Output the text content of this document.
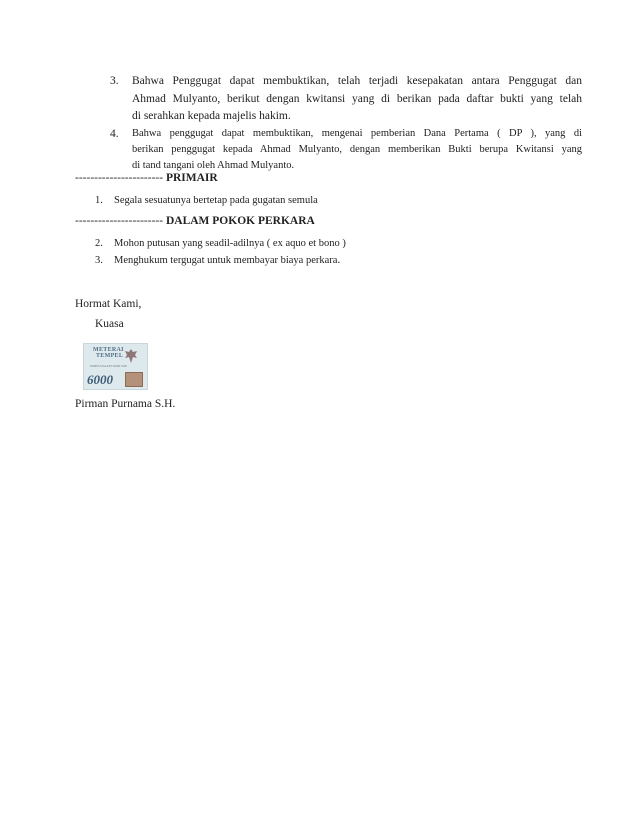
3. Bahwa Penggugat dapat membuktikan, telah terjadi kesepakatan antara Penggugat dan
Ahmad Mulyanto, berikut dengan kwitansi yang di berikan pada daftar bukti yang telah
di serahkan kepada majelis hakim.
4. Bahwa penggugat dapat membuktikan, mengenai pemberian Dana Pertama ( DP ), yang di
berikan penggugat kepada Ahmad Mulyanto, dengan memberikan Bukti berupa Kwitansi yang
di tand tangani oleh Ahmad Mulyanto.
----------------------- PRIMAIR
1. Segala sesuatunya bertetap pada gugatan semula
----------------------- DALAM POKOK PERKARA
2. Mohon putusan yang seadil-adilnya ( ex aquo et bono )
3. Menghukum tergugat untuk membayar biaya perkara.
Hormat Kami,
Kuasa
METERAI
TEMPEL
DDEEA0AAF0 6000 DJP
6000
Pirman Purnama S.H.
